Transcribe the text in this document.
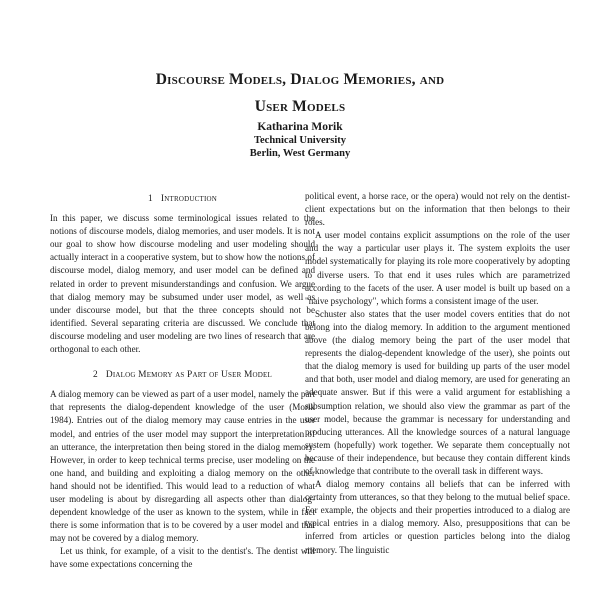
Discourse Models, Dialog Memories, and

User Models

Katharina Morik

Technical University

Berlin, West Germany

1 Introduction

In this paper, we discuss some terminological issues related to the notions of discourse models, dialog memories, and user models. It is not our goal to show how discourse modeling and user modeling should actually interact in a cooperative system, but to show how the notions of discourse model, dialog memory, and user model can be defined and related in order to prevent misunderstandings and confusion. We argue that dialog memory may be subsumed under user model, as well as under discourse model, but that the three concepts should not be identified. Several separating criteria are discussed. We conclude that discourse modeling and user modeling are two lines of research that are orthogonal to each other.

2 Dialog Memory as Part of User Model

A dialog memory can be viewed as part of a user model, namely the part that represents the dialog-dependent knowledge of the user (Morik 1984). Entries out of the dialog memory may cause entries in the user model, and entries of the user model may support the interpretation of an utterance, the interpretation then being stored in the dialog memory. However, in order to keep technical terms precise, user modeling on the one hand, and building and exploiting a dialog memory on the other hand should not be identified. This would lead to a reduction of what user modeling is about by disregarding all aspects other than dialog-dependent knowledge of the user as known to the system, while in fact there is some information that is to be covered by a user model and that may not be covered by a dialog memory.

Let us think, for example, of a visit to the dentist's. The dentist will have some expectations concerning the

political event, a horse race, or the opera) would not rely on the dentist-client expectations but on the information that then belongs to their roles.

A user model contains explicit assumptions on the role of the user and the way a particular user plays it. The system exploits the user model systematically for playing its role more cooperatively by adopting to diverse users. To that end it uses rules which are parametrized according to the facets of the user. A user model is built up based on a "naive psychology", which forms a consistent image of the user.

Schuster also states that the user model covers entities that do not belong into the dialog memory. In addition to the argument mentioned above (the dialog memory being the part of the user model that represents the dialog-dependent knowledge of the user), she points out that the dialog memory is used for building up parts of the user model and that both, user model and dialog memory, are used for generating an adequate answer. But if this were a valid argument for establishing a subsumption relation, we should also view the grammar as part of the user model, because the grammar is necessary for understanding and producing utterances. All the knowledge sources of a natural language system (hopefully) work together. We separate them conceptually not because of their independence, but because they contain different kinds of knowledge that contribute to the overall task in different ways.

A dialog memory contains all beliefs that can be inferred with certainty from utterances, so that they belong to the mutual belief space. For example, the objects and their properties introduced to a dialog are typical entries in a dialog memory. Also, presuppositions that can be inferred from articles or question particles belong into the dialog memory. The linguistic
